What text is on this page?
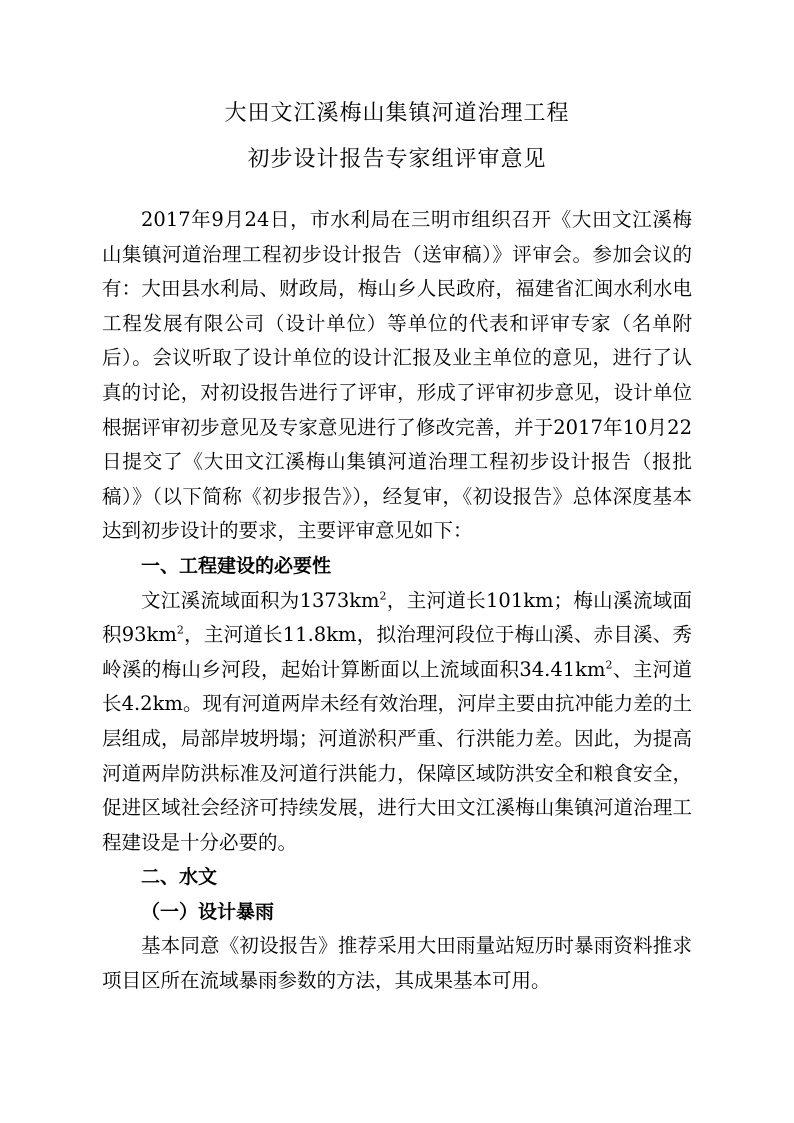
大田文江溪梅山集镇河道治理工程
初步设计报告专家组评审意见

2017年9月24日，市水利局在三明市组织召开《大田文江溪梅山集镇河道治理工程初步设计报告（送审稿）》评审会。参加会议的有：大田县水利局、财政局，梅山乡人民政府，福建省汇闽水利水电工程发展有限公司（设计单位）等单位的代表和评审专家（名单附后）。会议听取了设计单位的设计汇报及业主单位的意见，进行了认真的讨论，对初设报告进行了评审，形成了评审初步意见，设计单位根据评审初步意见及专家意见进行了修改完善，并于2017年10月22日提交了《大田文江溪梅山集镇河道治理工程初步设计报告（报批稿）》（以下简称《初步报告》），经复审，《初设报告》总体深度基本达到初步设计的要求，主要评审意见如下：

一、工程建设的必要性

文江溪流域面积为$1373km^2$，主河道长101km；梅山溪流域面积$93km^2$，主河道长11.8km，拟治理河段位于梅山溪、赤目溪、秀岭溪的梅山乡河段，起始计算断面以上流域面积$34.41km^2$、主河道长4.2km。现有河道两岸未经有效治理，河岸主要由抗冲能力差的土层组成，局部岸坡坍塌；河道淤积严重、行洪能力差。因此，为提高河道两岸防洪标准及河道行洪能力，保障区域防洪安全和粮食安全，促进区域社会经济可持续发展，进行大田文江溪梅山集镇河道治理工程建设是十分必要的。

二、水文

（一）设计暴雨

基本同意《初设报告》推荐采用大田雨量站短历时暴雨资料推求项目区所在流域暴雨参数的方法，其成果基本可用。
